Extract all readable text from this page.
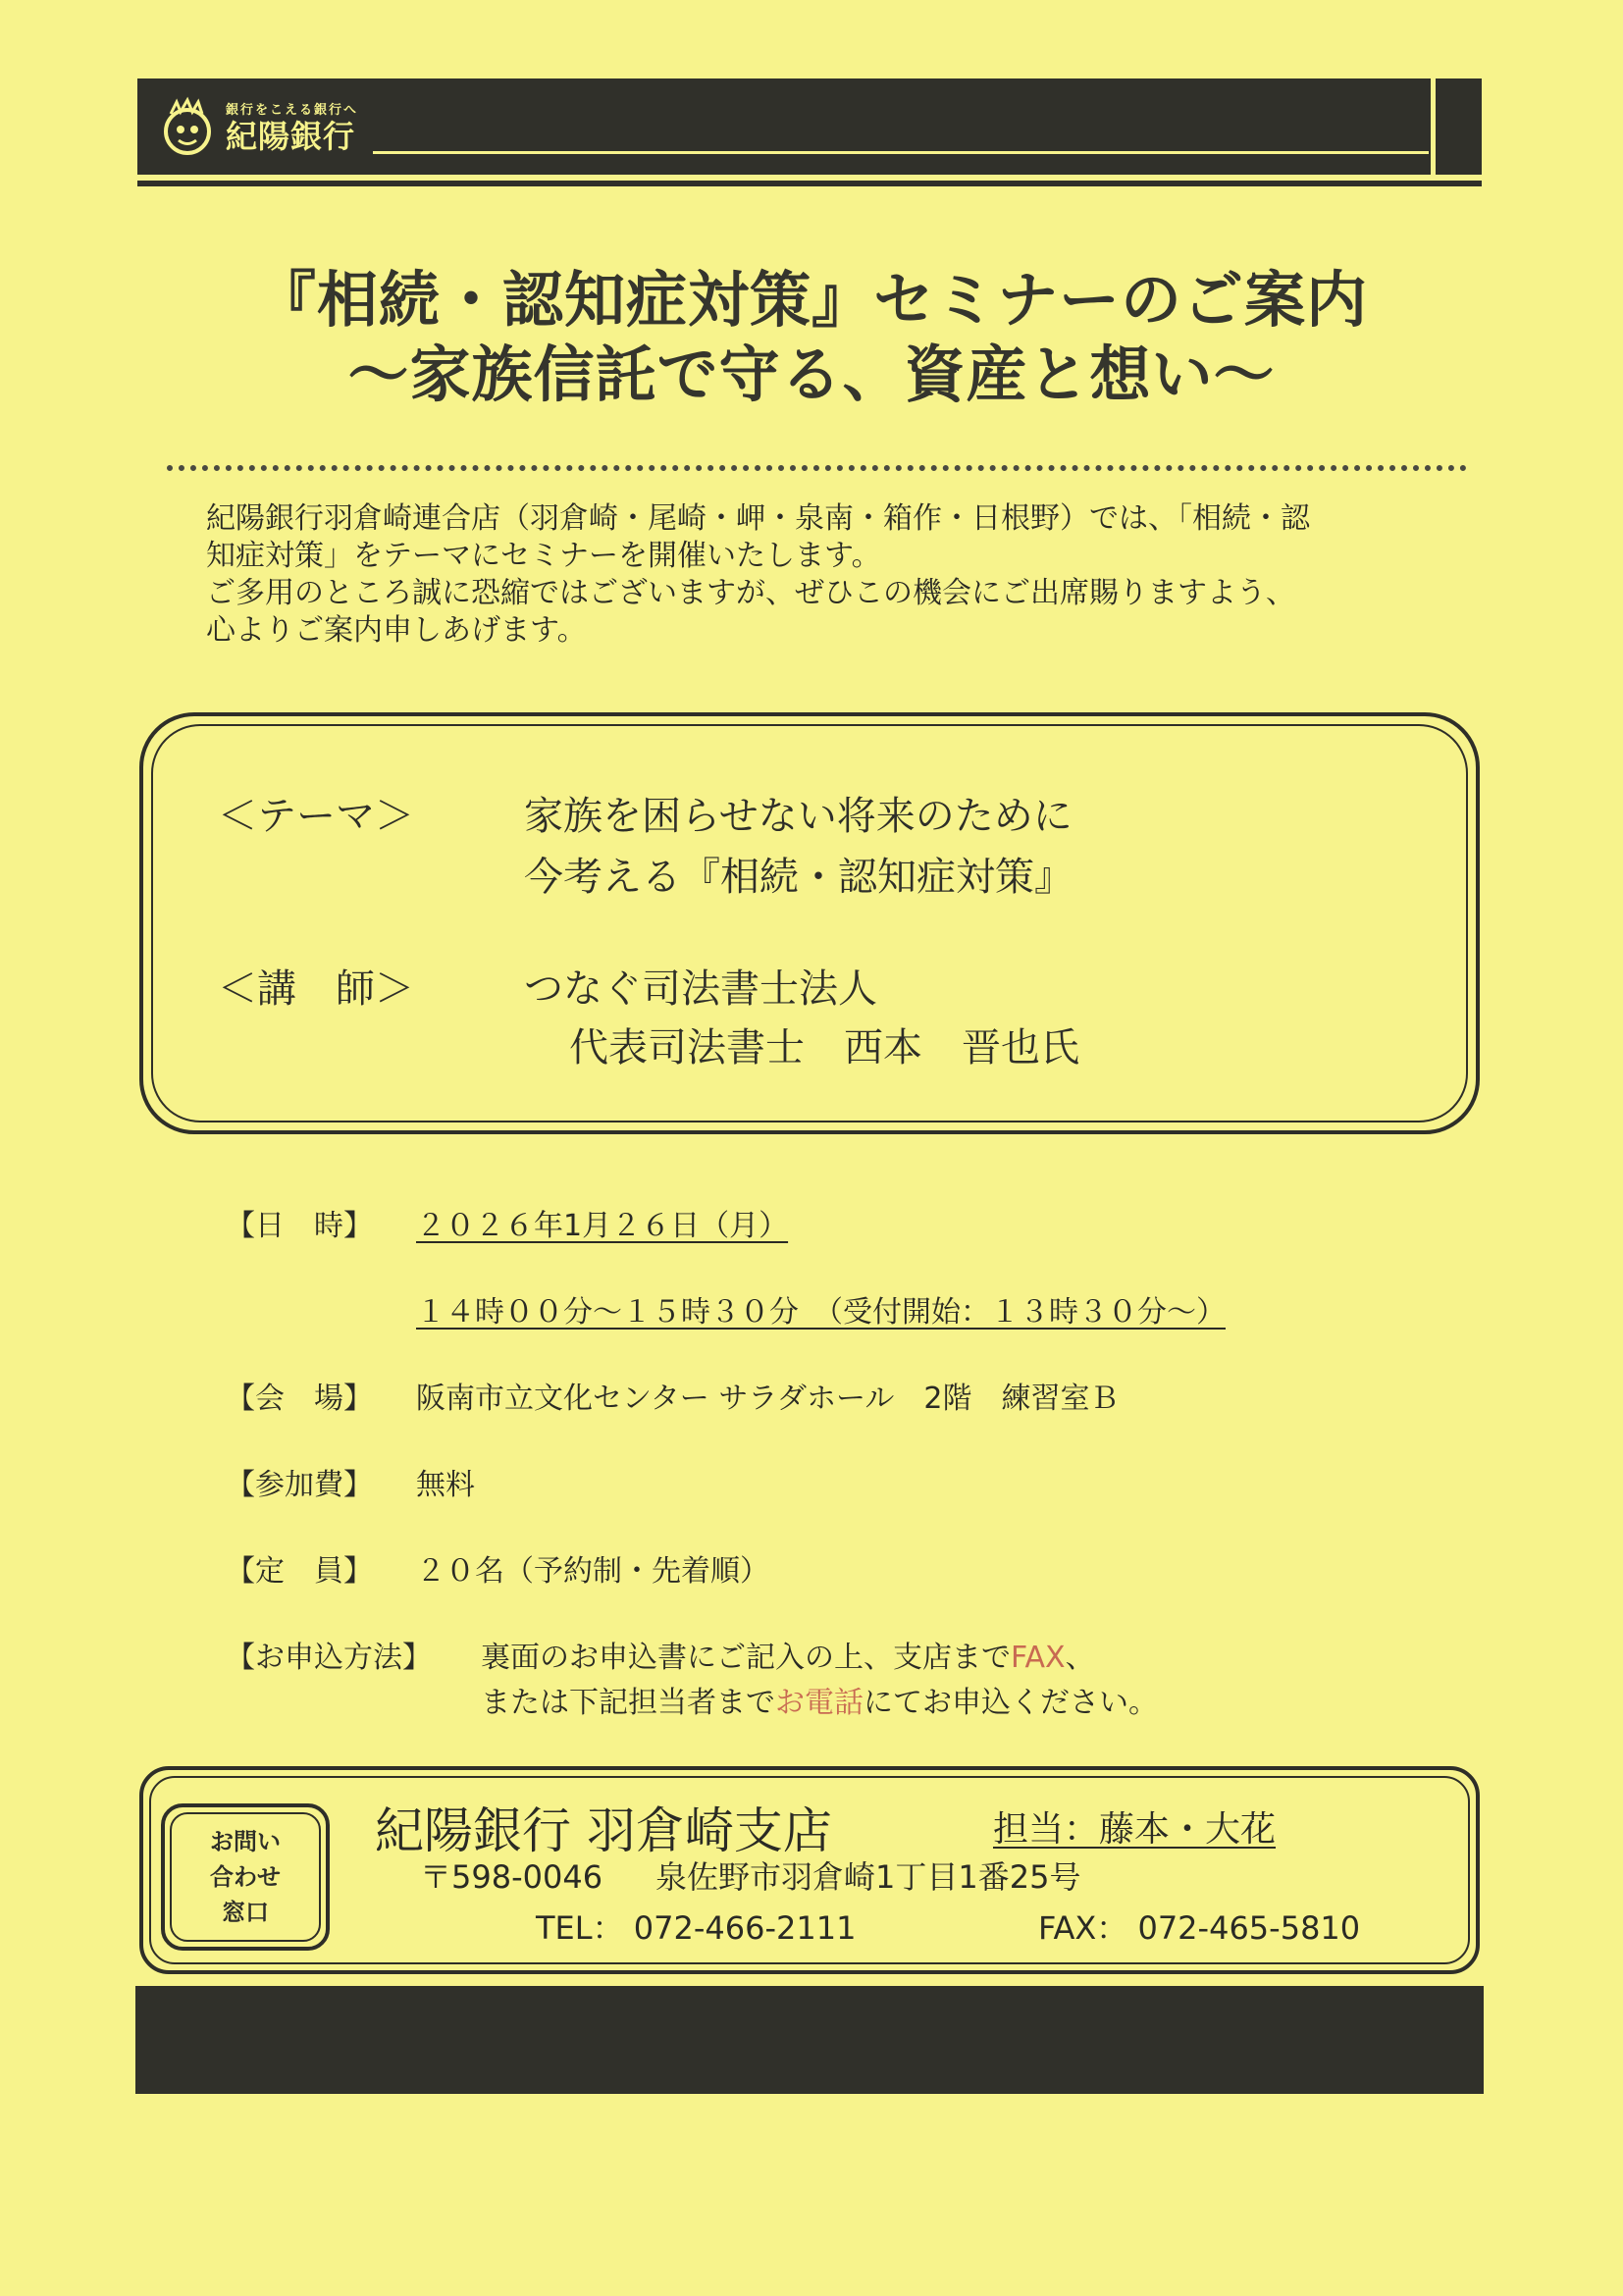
銀行をこえる銀行へ
紀陽銀行
『相続・認知症対策』セミナーのご案内
～家族信託で守る、資産と想い～

紀陽銀行羽倉崎連合店（羽倉崎・尾崎・岬・泉南・箱作・日根野）では、「相続・認

知症対策」をテーマにセミナーを開催いたします。

ご多用のところ誠に恐縮ではございますが、ぜひこの機会にご出席賜りますよう、

心よりご案内申しあげます。

＜テーマ＞	家族を困らせない将来のために
今考える『相続・認知症対策』
＜講　師＞	つなぐ司法書士法人
代表司法書士　西本　晋也氏
【日　時】 ２０２６年1月２６日（月）
１４時００分～１５時３０分　（受付開始：１３時３０分～）
【会　場】 阪南市立文化センター サラダホール　2階　練習室Ｂ
【参加費】 無料
【定　員】 ２０名（予約制・先着順）
【お申込方法】 裏面のお申込書にご記入の上、支店までFAX、
または下記担当者までお電話にてお申込ください。
お問い
合わせ
窓口
紀陽銀行 羽倉崎支店	担当：藤本・大花
〒598-0046 泉佐野市羽倉崎1丁目1番25号
TEL： 072-466-2111	FAX： 072-465-5810
